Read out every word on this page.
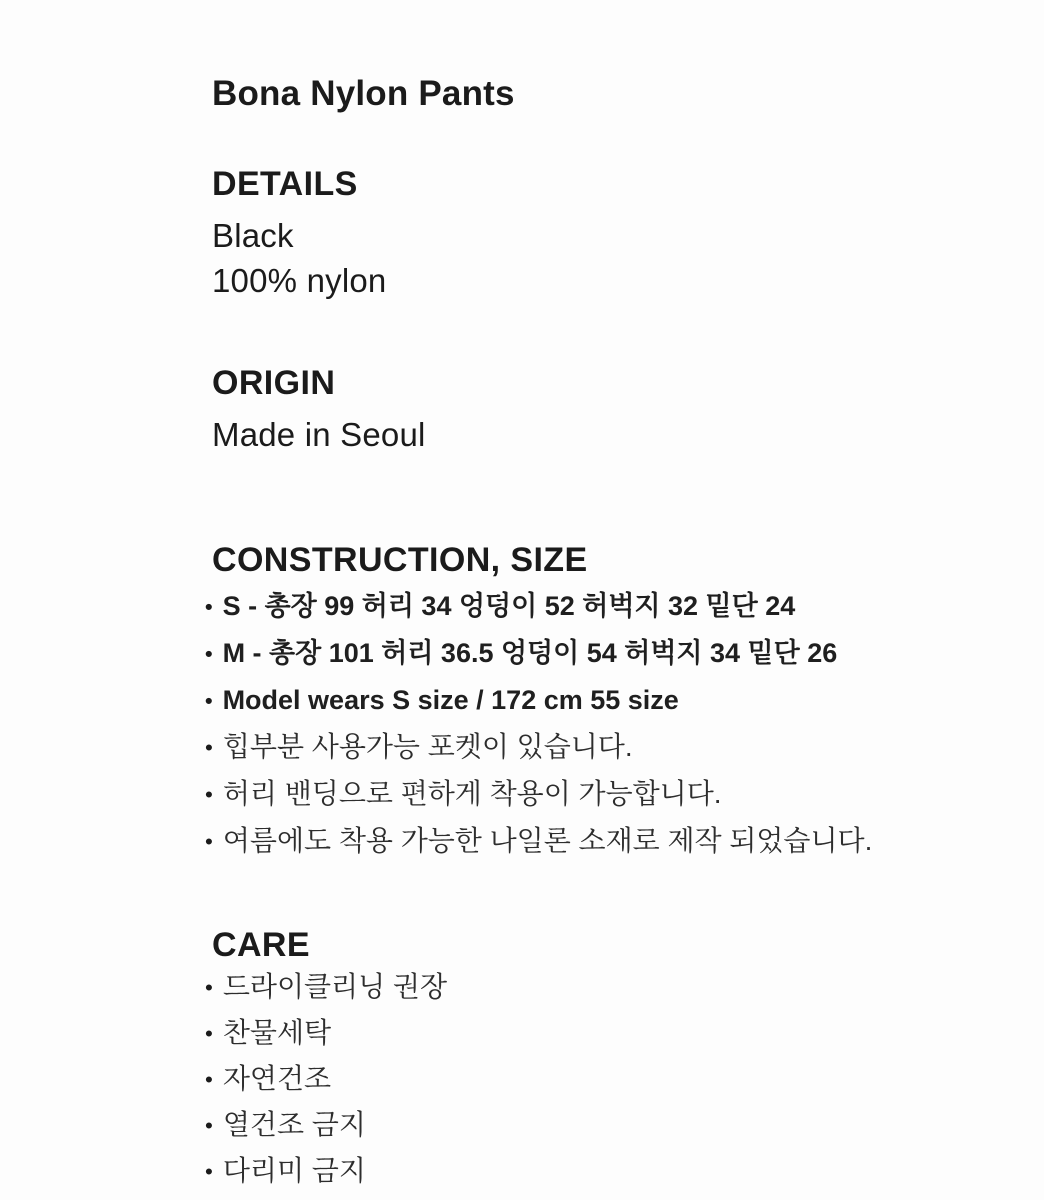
Bona Nylon Pants
DETAILS
Black
100% nylon
ORIGIN
Made in Seoul
CONSTRUCTION, SIZE
• S - 총장 99 허리 34 엉덩이 52 허벅지 32 밑단 24
• M - 총장 101 허리 36.5 엉덩이 54 허벅지 34 밑단 26
• Model wears S size / 172 cm 55 size
• 힙부분 사용가능 포켓이 있습니다.
• 허리 밴딩으로 편하게 착용이 가능합니다.
• 여름에도 착용 가능한 나일론 소재로 제작 되었습니다.
CARE
• 드라이클리닝 권장
• 찬물세탁
• 자연건조
• 열건조 금지
• 다리미 금지
